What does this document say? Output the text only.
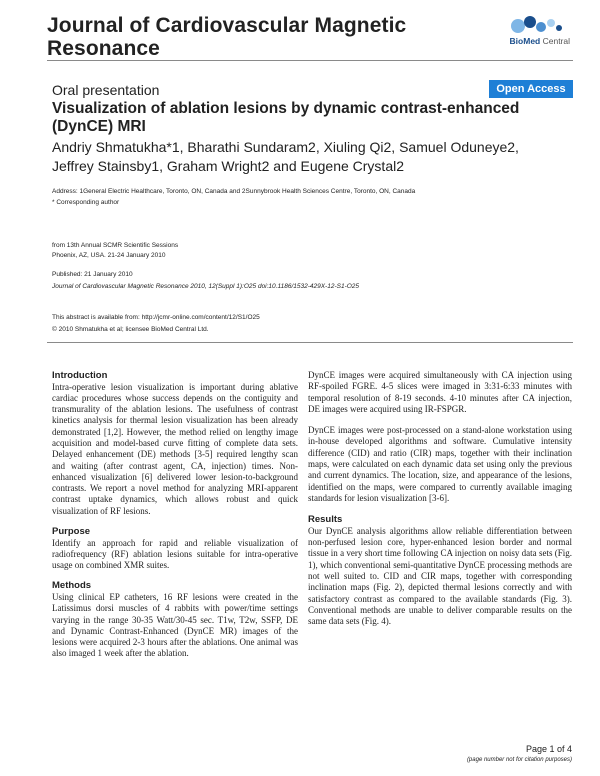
Journal of Cardiovascular Magnetic
Resonance	BioMed Central
Oral presentation	Open Access
Visualization of ablation lesions by dynamic contrast-enhanced
(DynCE) MRI
Andriy Shmatukha*1, Bharathi Sundaram2, Xiuling Qi2, Samuel Oduneye2,
Jeffrey Stainsby1, Graham Wright2 and Eugene Crystal2
Address: 1General Electric Healthcare, Toronto, ON, Canada and 2Sunnybrook Health Sciences Centre, Toronto, ON, Canada
* Corresponding author
from 13th Annual SCMR Scientific Sessions
Phoenix, AZ, USA. 21-24 January 2010
Published: 21 January 2010
Journal of Cardiovascular Magnetic Resonance 2010, 12(Suppl 1):O25 doi:10.1186/1532-429X-12-S1-O25
This abstract is available from: http://jcmr-online.com/content/12/S1/O25
© 2010 Shmatukha et al; licensee BioMed Central Ltd.
Introduction
Intra-operative lesion visualization is important during ablative cardiac procedures whose success depends on the contiguity and transmurality of the ablation lesions. The usefulness of contrast kinetics analysis for thermal lesion visualization has been already demonstrated [1,2]. However, the method relied on lengthy image acquisition and model-based curve fitting of complete data sets. Delayed enhancement (DE) methods [3-5] required lengthy scan and waiting (after contrast agent, CA, injection) times. Non-enhanced visualization [6] delivered lower lesion-to-background contrasts. We report a novel method for analyzing MRI-apparent contrast uptake dynamics, which allows robust and quick visualization of RF lesions.
Purpose
Identify an approach for rapid and reliable visualization of radiofrequency (RF) ablation lesions suitable for intra-operative usage on combined XMR suites.
Methods
Using clinical EP catheters, 16 RF lesions were created in the Latissimus dorsi muscles of 4 rabbits with power/time settings varying in the range 30-35 Watt/30-45 sec. T1w, T2w, SSFP, DE and Dynamic Contrast-Enhanced (DynCE MR) images of the lesions were acquired 2-3 hours after the ablations. One animal was also imaged 1 week after the ablation.

DynCE images were acquired simultaneously with CA injection using RF-spoiled FGRE. 4-5 slices were imaged in 3:31-6:33 minutes with temporal resolution of 8-19 seconds. 4-10 minutes after CA injection, DE images were acquired using IR-FSPGR.

DynCE images were post-processed on a stand-alone workstation using in-house developed algorithms and software. Cumulative intensity difference (CID) and ratio (CIR) maps, together with their inclination maps, were calculated on each dynamic data set using only the previous and current dynamics. The location, size, and appearance of the lesions, identified on the maps, were compared to currently available imaging standards for lesion visualization [3-6].

Results
Our DynCE analysis algorithms allow reliable differentiation between non-perfused lesion core, hyper-enhanced lesion border and normal tissue in a very short time following CA injection on noisy data sets (Fig. 1), which conventional semi-quantitative DynCE processing methods are not well suited to. CID and CIR maps, together with corresponding inclination maps (Fig. 2), depicted thermal lesions correctly and with satisfactory contrast as compared to the available standards (Fig. 3). Conventional methods are unable to deliver comparable results on the same data sets (Fig. 4).
Page 1 of 4
(page number not for citation purposes)
